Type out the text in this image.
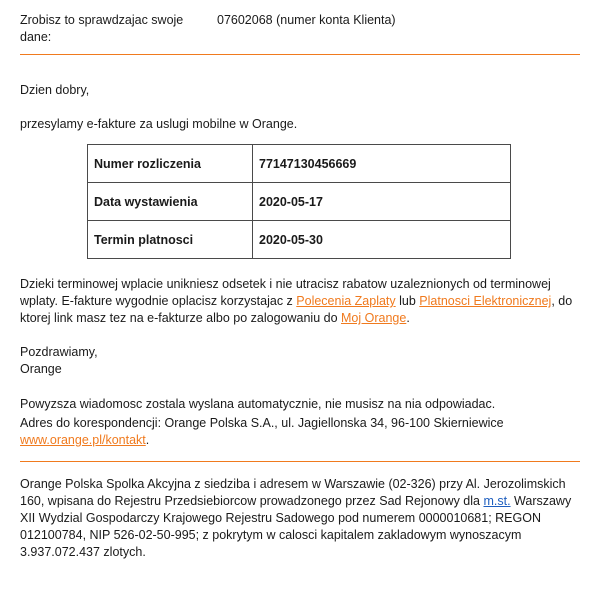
Zrobisz to sprawdzajac swoje
dane:
07602068 (numer konta Klienta)

Dzien dobry,

przesylamy e-fakture za uslugi mobilne w Orange.

Numer rozliczenia	77147130456669
Data wystawienia	2020-05-17
Termin platnosci	2020-05-30

Dzieki terminowej wplacie unikniesz odsetek i nie utracisz rabatow uzaleznionych od terminowej wplaty. E-fakture wygodnie oplacisz korzystajac z Polecenia Zaplaty lub Platnosci Elektronicznej, do ktorej link masz tez na e-fakturze albo po zalogowaniu do Moj Orange.

Pozdrawiamy,
Orange

Powyzsza wiadomosc zostala wyslana automatycznie, nie musisz na nia odpowiadac.

Adres do korespondencji: Orange Polska S.A., ul. Jagiellonska 34, 96-100 Skierniewice
www.orange.pl/kontakt.

Orange Polska Spolka Akcyjna z siedziba i adresem w Warszawie (02-326) przy Al. Jerozolimskich 160, wpisana do Rejestru Przedsiebiorcow prowadzonego przez Sad Rejonowy dla m.st. Warszawy XII Wydzial Gospodarczy Krajowego Rejestru Sadowego pod numerem 0000010681; REGON 012100784, NIP 526-02-50-995; z pokrytym w calosci kapitalem zakladowym wynoszacym 3.937.072.437 zlotych.
